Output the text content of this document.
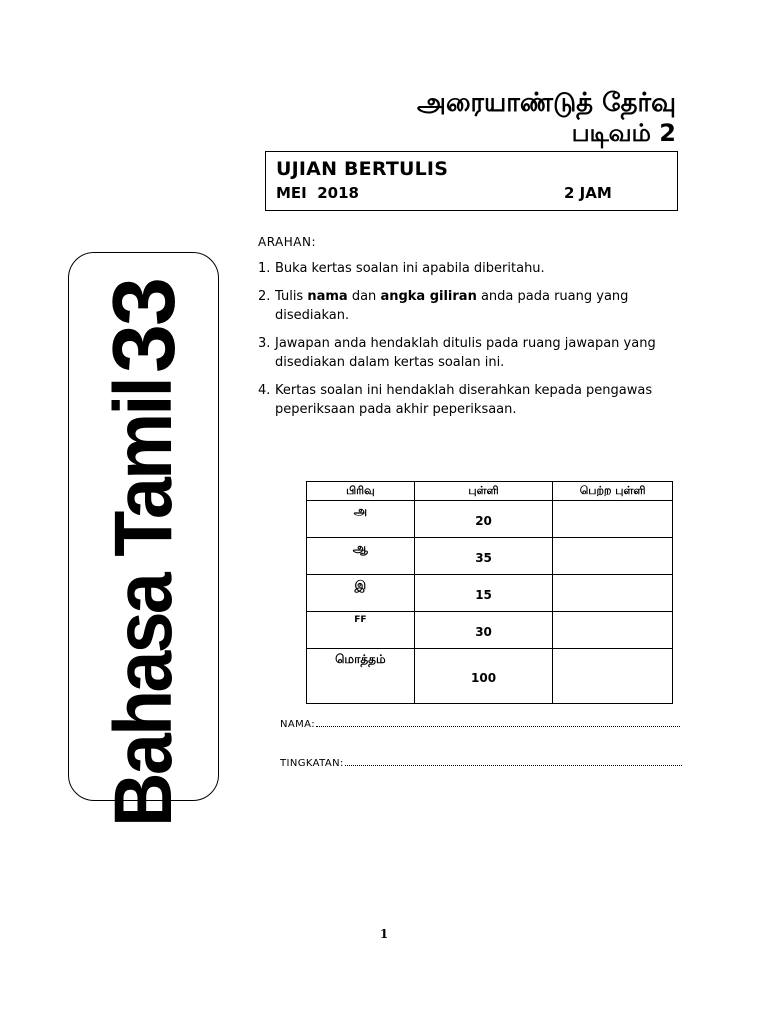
அரையாண்டுத் தேர்வு
படிவம் 2
UJIAN BERTULIS
MEI  2018	2 JAM
33
Bahasa Tamil
ARAHAN:
1. Buka kertas soalan ini apabila diberitahu.
2. Tulis nama dan angka giliran anda pada ruang yang disediakan.
3. Jawapan anda hendaklah ditulis pada ruang jawapan yang disediakan dalam kertas soalan ini.
4. Kertas soalan ini hendaklah diserahkan kepada pengawas peperiksaan pada akhir peperiksaan.
பிரிவு	புள்ளி	பெற்ற புள்ளி
அ	20	
ஆ	35	
இ	15	
FF	30	
மொத்தம்	100	
NAMA:
TINGKATAN:
1
